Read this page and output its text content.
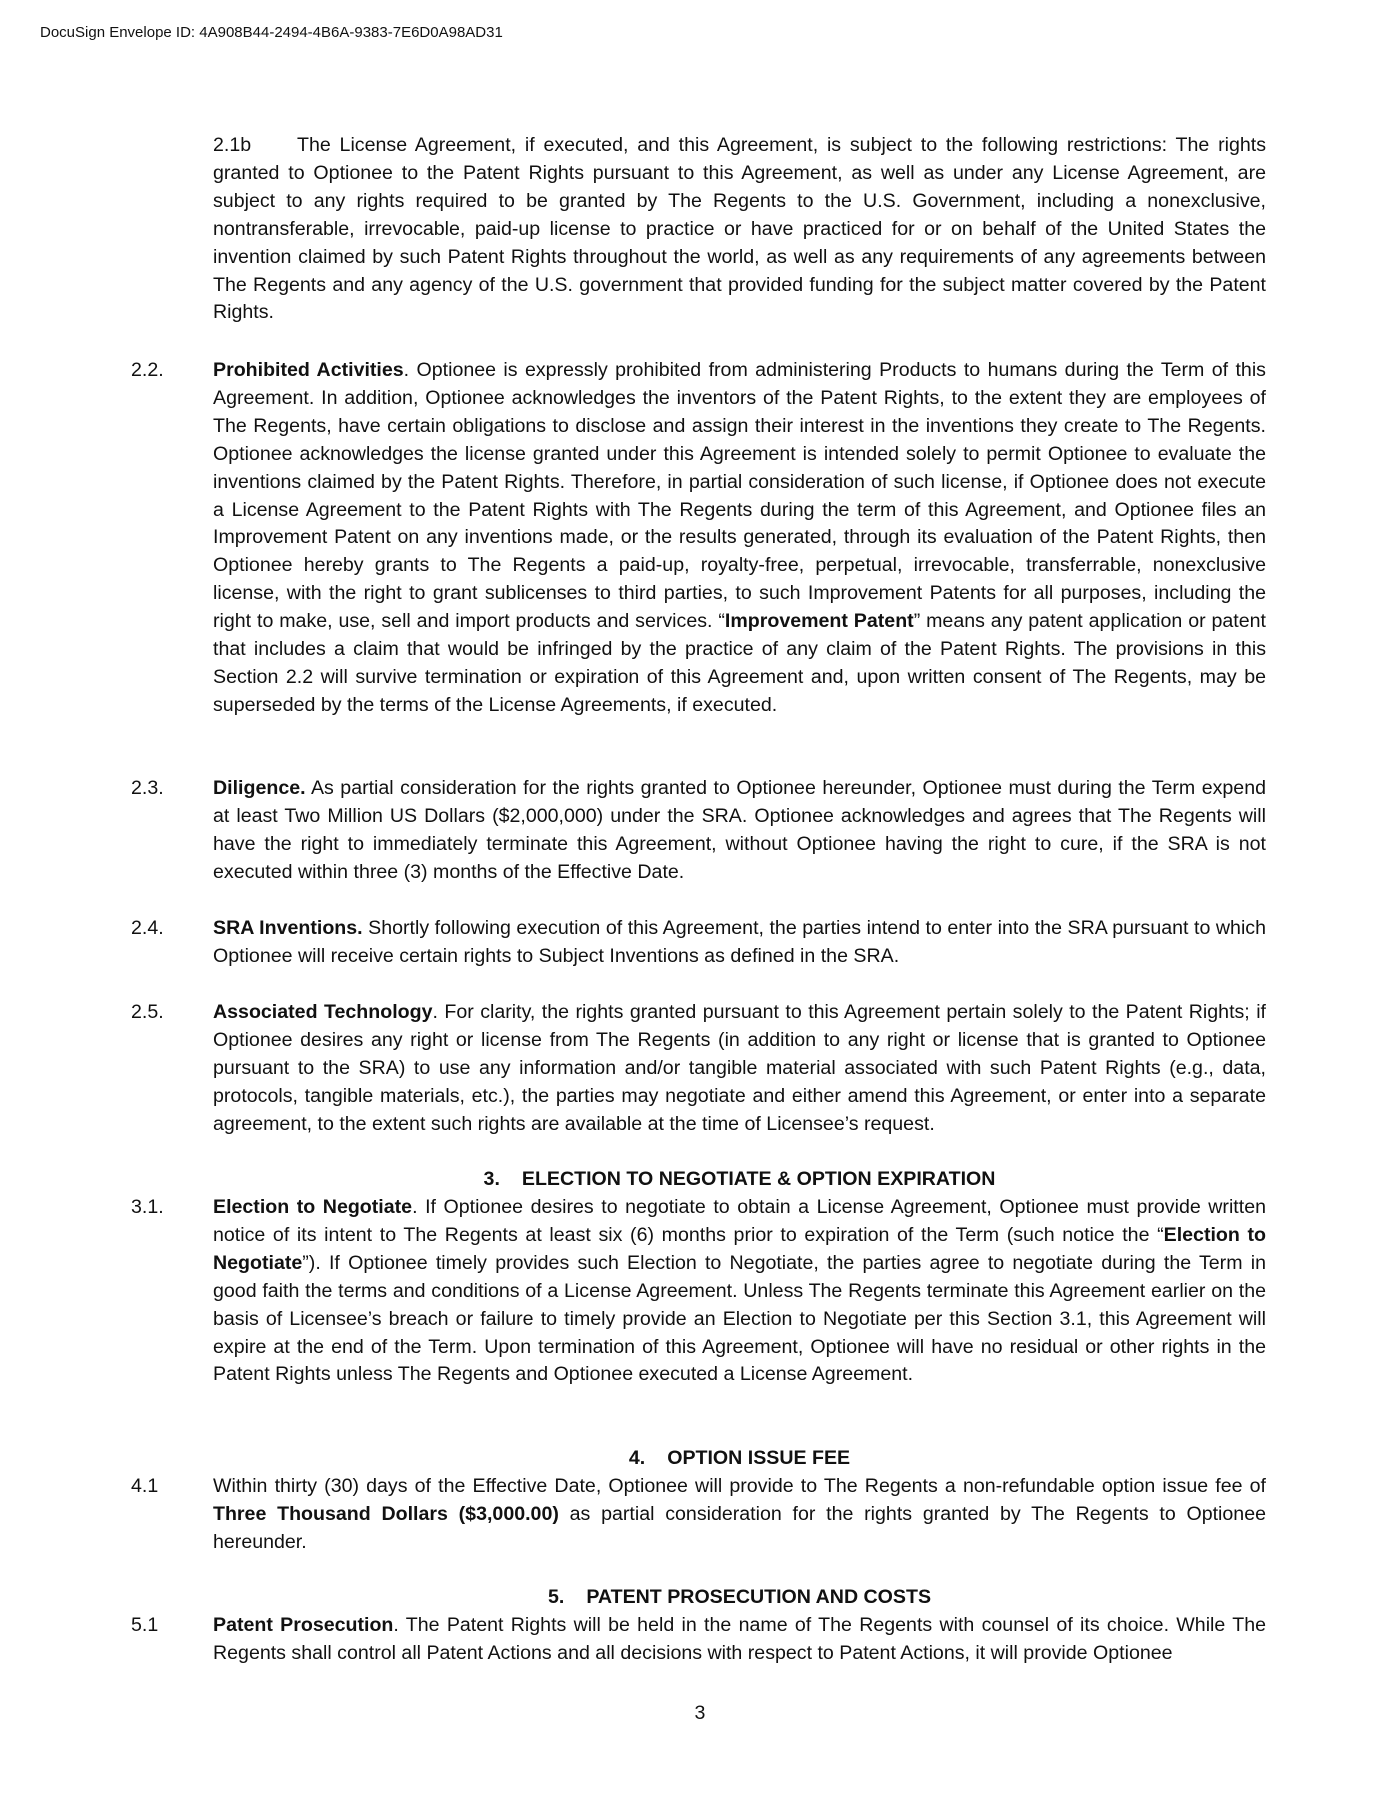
DocuSign Envelope ID: 4A908B44-2494-4B6A-9383-7E6D0A98AD31
2.1b The License Agreement, if executed, and this Agreement, is subject to the following restrictions: The rights granted to Optionee to the Patent Rights pursuant to this Agreement, as well as under any License Agreement, are subject to any rights required to be granted by The Regents to the U.S. Government, including a nonexclusive, nontransferable, irrevocable, paid-up license to practice or have practiced for or on behalf of the United States the invention claimed by such Patent Rights throughout the world, as well as any requirements of any agreements between The Regents and any agency of the U.S. government that provided funding for the subject matter covered by the Patent Rights.
2.2.	Prohibited Activities. Optionee is expressly prohibited from administering Products to humans during the Term of this Agreement. In addition, Optionee acknowledges the inventors of the Patent Rights, to the extent they are employees of The Regents, have certain obligations to disclose and assign their interest in the inventions they create to The Regents. Optionee acknowledges the license granted under this Agreement is intended solely to permit Optionee to evaluate the inventions claimed by the Patent Rights. Therefore, in partial consideration of such license, if Optionee does not execute a License Agreement to the Patent Rights with The Regents during the term of this Agreement, and Optionee files an Improvement Patent on any inventions made, or the results generated, through its evaluation of the Patent Rights, then Optionee hereby grants to The Regents a paid-up, royalty-free, perpetual, irrevocable, transferrable, nonexclusive license, with the right to grant sublicenses to third parties, to such Improvement Patents for all purposes, including the right to make, use, sell and import products and services. “Improvement Patent” means any patent application or patent that includes a claim that would be infringed by the practice of any claim of the Patent Rights. The provisions in this Section 2.2 will survive termination or expiration of this Agreement and, upon written consent of The Regents, may be superseded by the terms of the License Agreements, if executed.
2.3.	Diligence. As partial consideration for the rights granted to Optionee hereunder, Optionee must during the Term expend at least Two Million US Dollars ($2,000,000) under the SRA. Optionee acknowledges and agrees that The Regents will have the right to immediately terminate this Agreement, without Optionee having the right to cure, if the SRA is not executed within three (3) months of the Effective Date.
2.4.	SRA Inventions. Shortly following execution of this Agreement, the parties intend to enter into the SRA pursuant to which Optionee will receive certain rights to Subject Inventions as defined in the SRA.
2.5.	Associated Technology. For clarity, the rights granted pursuant to this Agreement pertain solely to the Patent Rights; if Optionee desires any right or license from The Regents (in addition to any right or license that is granted to Optionee pursuant to the SRA) to use any information and/or tangible material associated with such Patent Rights (e.g., data, protocols, tangible materials, etc.), the parties may negotiate and either amend this Agreement, or enter into a separate agreement, to the extent such rights are available at the time of Licensee’s request.
3. ELECTION TO NEGOTIATE & OPTION EXPIRATION
3.1.	Election to Negotiate. If Optionee desires to negotiate to obtain a License Agreement, Optionee must provide written notice of its intent to The Regents at least six (6) months prior to expiration of the Term (such notice the “Election to Negotiate”). If Optionee timely provides such Election to Negotiate, the parties agree to negotiate during the Term in good faith the terms and conditions of a License Agreement. Unless The Regents terminate this Agreement earlier on the basis of Licensee’s breach or failure to timely provide an Election to Negotiate per this Section 3.1, this Agreement will expire at the end of the Term. Upon termination of this Agreement, Optionee will have no residual or other rights in the Patent Rights unless The Regents and Optionee executed a License Agreement.
4. OPTION ISSUE FEE
4.1	Within thirty (30) days of the Effective Date, Optionee will provide to The Regents a non-refundable option issue fee of Three Thousand Dollars ($3,000.00) as partial consideration for the rights granted by The Regents to Optionee hereunder.
5. PATENT PROSECUTION AND COSTS
5.1	Patent Prosecution. The Patent Rights will be held in the name of The Regents with counsel of its choice. While The Regents shall control all Patent Actions and all decisions with respect to Patent Actions, it will provide Optionee
3
